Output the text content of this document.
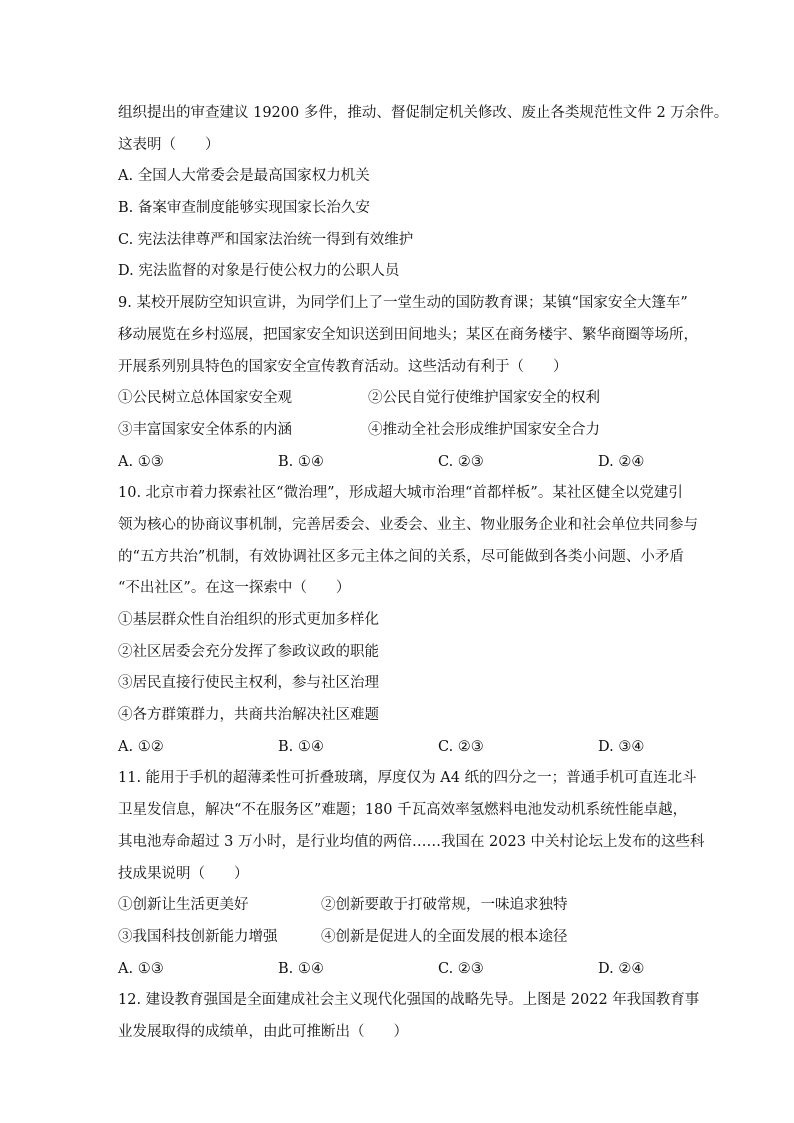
组织提出的审查建议 19200 多件，推动、督促制定机关修改、废止各类规范性文件 2 万余件。
这表明（　　）
A. 全国人大常委会是最高国家权力机关
B. 备案审查制度能够实现国家长治久安
C. 宪法法律尊严和国家法治统一得到有效维护
D. 宪法监督的对象是行使公权力的公职人员
9. 某校开展防空知识宣讲，为同学们上了一堂生动的国防教育课；某镇“国家安全大篷车”
移动展览在乡村巡展，把国家安全知识送到田间地头；某区在商务楼宇、繁华商圈等场所，
开展系列别具特色的国家安全宣传教育活动。这些活动有利于（　　）
①公民树立总体国家安全观	②公民自觉行使维护国家安全的权利
③丰富国家安全体系的内涵	④推动全社会形成维护国家安全合力
A. ①③	B. ①④	C. ②③	D. ②④
10. 北京市着力探索社区“微治理”，形成超大城市治理“首都样板”。某社区健全以党建引
领为核心的协商议事机制，完善居委会、业委会、业主、物业服务企业和社会单位共同参与
的“五方共治”机制，有效协调社区多元主体之间的关系，尽可能做到各类小问题、小矛盾
“不出社区”。在这一探索中（　　）
①基层群众性自治组织的形式更加多样化
②社区居委会充分发挥了参政议政的职能
③居民直接行使民主权利，参与社区治理
④各方群策群力，共商共治解决社区难题
A. ①②	B. ①④	C. ②③	D. ③④
11. 能用于手机的超薄柔性可折叠玻璃，厚度仅为 A4 纸的四分之一；普通手机可直连北斗
卫星发信息，解决“不在服务区”难题；180 千瓦高效率氢燃料电池发动机系统性能卓越，
其电池寿命超过 3 万小时，是行业均值的两倍……我国在 2023 中关村论坛上发布的这些科
技成果说明（　　）
①创新让生活更美好	②创新要敢于打破常规，一味追求独特
③我国科技创新能力增强	④创新是促进人的全面发展的根本途径
A. ①③	B. ①④	C. ②③	D. ②④
12. 建设教育强国是全面建成社会主义现代化强国的战略先导。上图是 2022 年我国教育事
业发展取得的成绩单，由此可推断出（　　）
